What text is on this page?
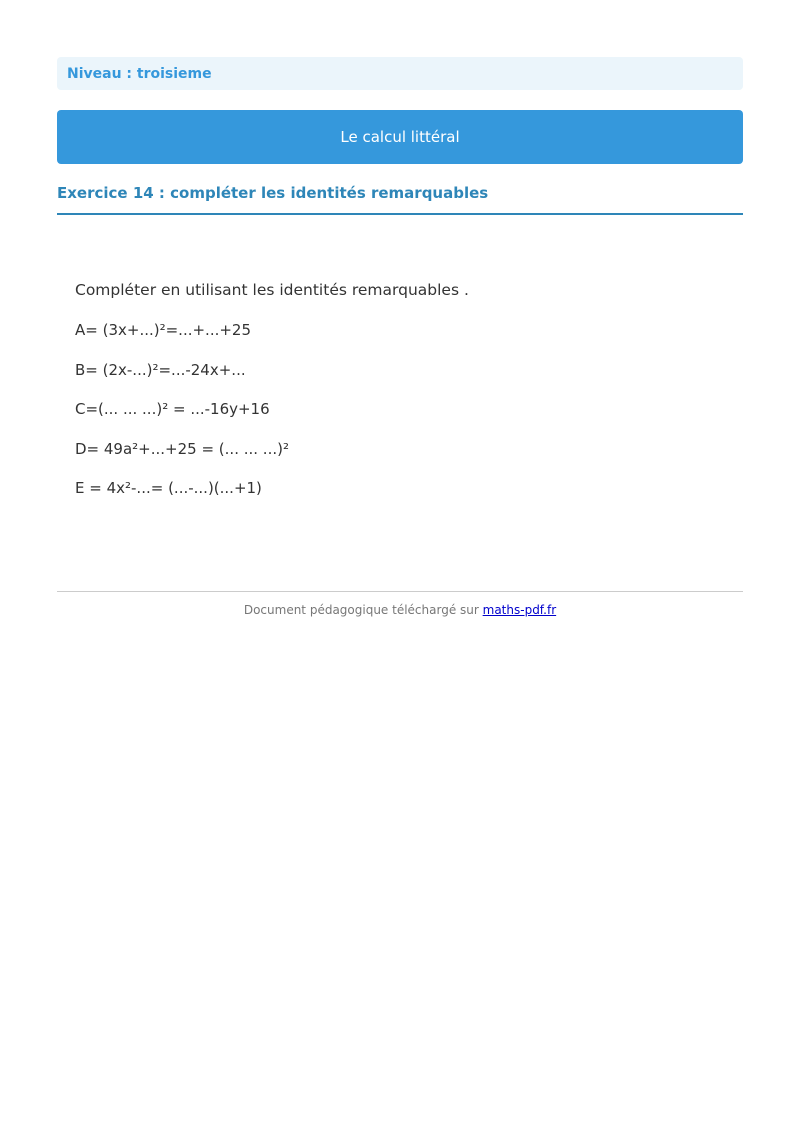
Niveau : troisieme
Le calcul littéral
Exercice 14 : compléter les identités remarquables
Compléter en utilisant les identités remarquables .
A= (3x+...)²=...+...+25
B= (2x-...)²=...-24x+...
C=(... ... ...)² = ...-16y+16
D= 49a²+...+25 = (... ... ...)²
E = 4x²-...= (...-...)(...+1)
Document pédagogique téléchargé sur maths-pdf.fr
